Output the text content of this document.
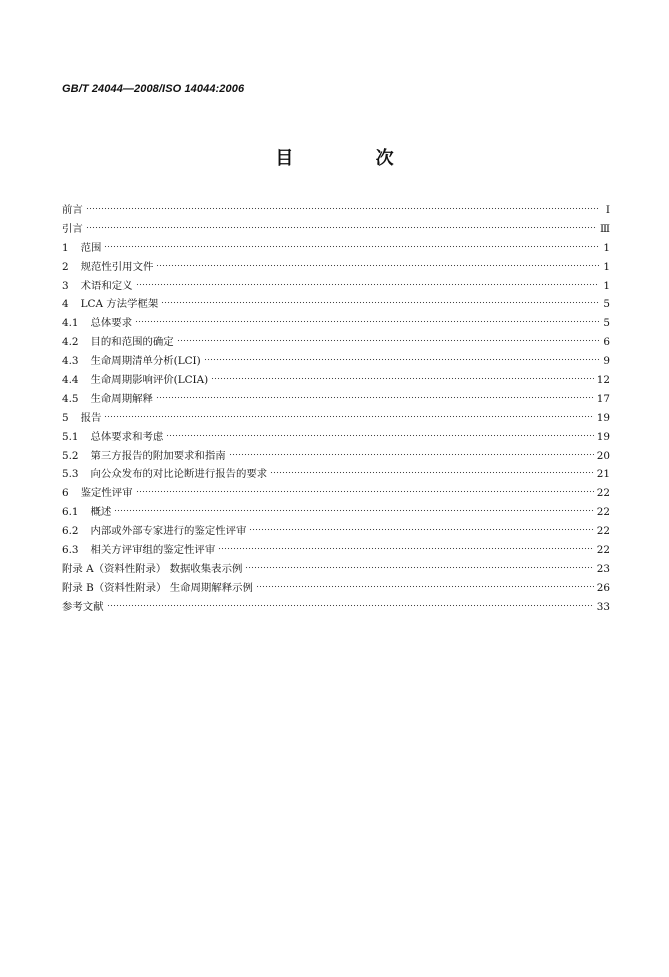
GB/T 24044—2008/ISO 14044:2006
目 次
前言	Ⅰ
引言	Ⅲ
1 范围	1
2 规范性引用文件	1
3 术语和定义	1
4 LCA 方法学框架	5
4.1 总体要求	5
4.2 目的和范围的确定	6
4.3 生命周期清单分析(LCI)	9
4.4 生命周期影响评价(LCIA)	12
4.5 生命周期解释	17
5 报告	19
5.1 总体要求和考虑	19
5.2 第三方报告的附加要求和指南	20
5.3 向公众发布的对比论断进行报告的要求	21
6 鉴定性评审	22
6.1 概述	22
6.2 内部或外部专家进行的鉴定性评审	22
6.3 相关方评审组的鉴定性评审	22
附录 A（资料性附录） 数据收集表示例	23
附录 B（资料性附录） 生命周期解释示例	26
参考文献	33
